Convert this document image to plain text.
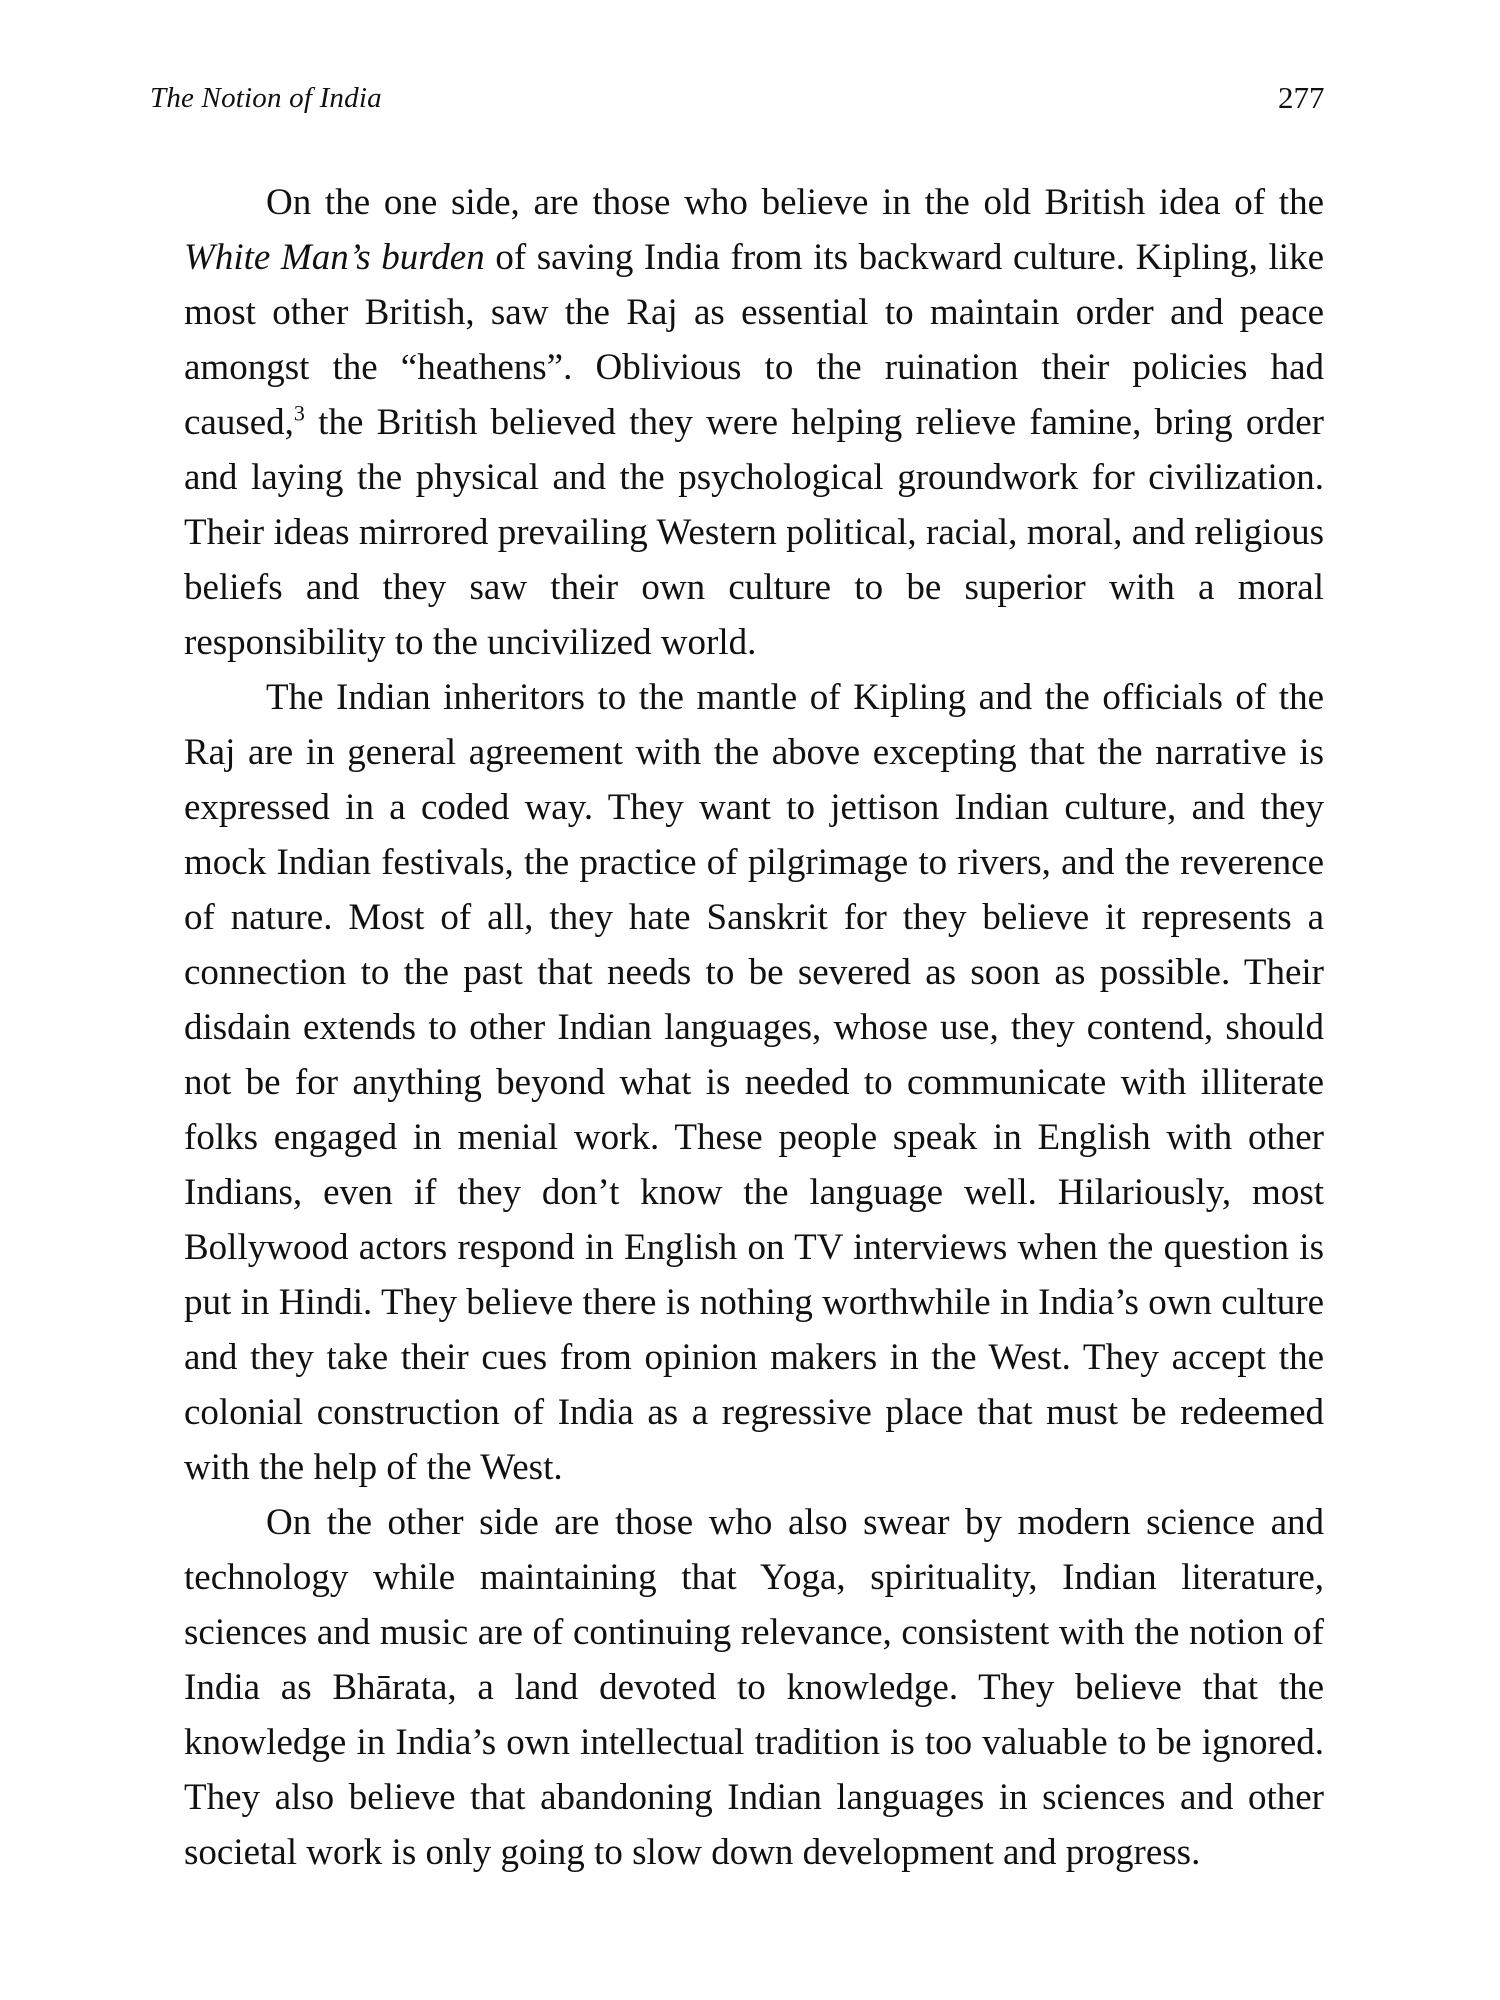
The Notion of India	277

On the one side, are those who believe in the old British idea of the White Man’s burden of saving India from its backward culture. Kipling, like most other British, saw the Raj as essential to maintain order and peace amongst the “heathens”. Oblivious to the ruination their policies had caused,$^3$ the British believed they were helping relieve famine, bring order and laying the physical and the psychological groundwork for civilization. Their ideas mirrored prevailing Western political, racial, moral, and religious beliefs and they saw their own culture to be superior with a moral responsibility to the uncivilized world.

The Indian inheritors to the mantle of Kipling and the officials of the Raj are in general agreement with the above excepting that the narrative is expressed in a coded way. They want to jettison Indian culture, and they mock Indian festivals, the practice of pilgrimage to rivers, and the reverence of nature. Most of all, they hate Sanskrit for they believe it represents a connection to the past that needs to be severed as soon as possible. Their disdain extends to other Indian languages, whose use, they contend, should not be for anything beyond what is needed to communicate with illiterate folks engaged in menial work. These people speak in English with other Indians, even if they don’t know the language well. Hilariously, most Bollywood actors respond in English on TV interviews when the question is put in Hindi. They believe there is nothing worthwhile in India’s own culture and they take their cues from opinion makers in the West. They accept the colonial construction of India as a regressive place that must be redeemed with the help of the West.

On the other side are those who also swear by modern science and technology while maintaining that Yoga, spirituality, Indian literature, sciences and music are of continuing relevance, consistent with the notion of India as Bhārata, a land devoted to knowledge. They believe that the knowledge in India’s own intellectual tradition is too valuable to be ignored. They also believe that abandoning Indian languages in sciences and other societal work is only going to slow down development and progress.
